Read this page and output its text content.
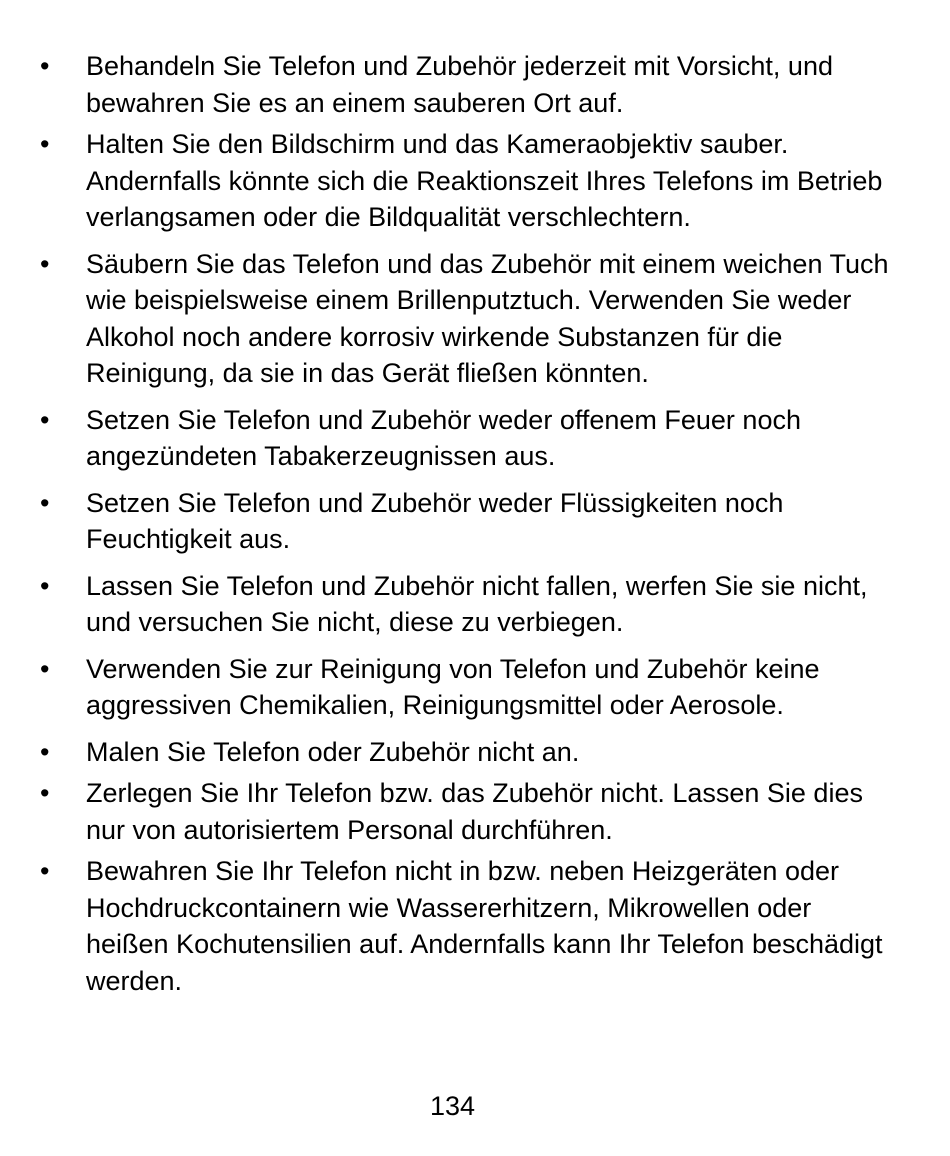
• Behandeln Sie Telefon und Zubehör jederzeit mit Vorsicht, und bewahren Sie es an einem sauberen Ort auf.
• Halten Sie den Bildschirm und das Kameraobjektiv sauber. Andernfalls könnte sich die Reaktionszeit Ihres Telefons im Betrieb verlangsamen oder die Bildqualität verschlechtern.
• Säubern Sie das Telefon und das Zubehör mit einem weichen Tuch wie beispielsweise einem Brillenputztuch. Verwenden Sie weder Alkohol noch andere korrosiv wirkende Substanzen für die Reinigung, da sie in das Gerät fließen könnten.
• Setzen Sie Telefon und Zubehör weder offenem Feuer noch angezündeten Tabakerzeugnissen aus.
• Setzen Sie Telefon und Zubehör weder Flüssigkeiten noch Feuchtigkeit aus.
• Lassen Sie Telefon und Zubehör nicht fallen, werfen Sie sie nicht, und versuchen Sie nicht, diese zu verbiegen.
• Verwenden Sie zur Reinigung von Telefon und Zubehör keine aggressiven Chemikalien, Reinigungsmittel oder Aerosole.
• Malen Sie Telefon oder Zubehör nicht an.
• Zerlegen Sie Ihr Telefon bzw. das Zubehör nicht. Lassen Sie dies nur von autorisiertem Personal durchführen.
• Bewahren Sie Ihr Telefon nicht in bzw. neben Heizgeräten oder Hochdruckcontainern wie Wassererhitzern, Mikrowellen oder heißen Kochutensilien auf. Andernfalls kann Ihr Telefon beschädigt werden.
134
